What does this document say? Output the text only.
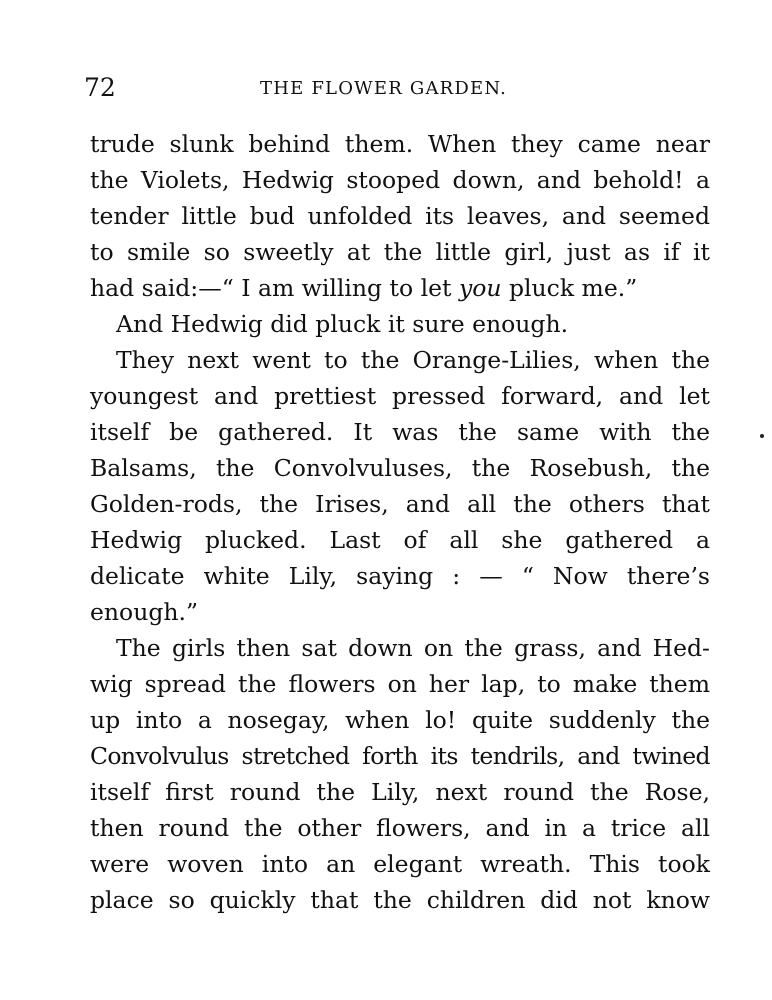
72	THE FLOWER GARDEN.
trude slunk behind them. When they came near
the Violets, Hedwig stooped down, and behold! a
tender little bud unfolded its leaves, and seemed
to smile so sweetly at the little girl, just as if it
had said:—“ I am willing to let you pluck me.”
And Hedwig did pluck it sure enough.
They next went to the Orange-Lilies, when the
youngest and prettiest pressed forward, and let
itself be gathered. It was the same with the
Balsams, the Convolvuluses, the Rosebush, the
Golden-rods, the Irises, and all the others that
Hedwig plucked. Last of all she gathered a
delicate white Lily, saying : — “ Now there’s
enough.”
The girls then sat down on the grass, and Hed-
wig spread the flowers on her lap, to make them
up into a nosegay, when lo! quite suddenly the
Convolvulus stretched forth its tendrils, and twined
itself first round the Lily, next round the Rose,
then round the other flowers, and in a trice all
were woven into an elegant wreath. This took
place so quickly that the children did not know
